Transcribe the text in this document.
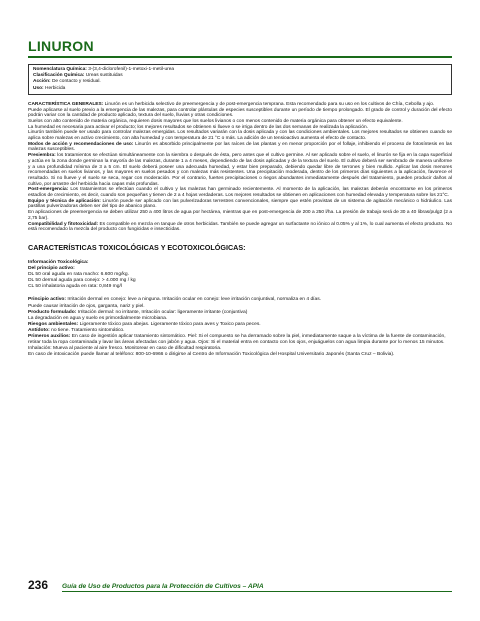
LINURON
Nomenclatura Química: 3-(3,4-diclorofenil)-1-metoxi-1-metil-urea
Clasificación Química: Ureas sustituidas
Acción: De contacto y residual.
Uso: Herbicida

CARACTERÍSTICA GENERALES: Linurón es un herbicida selectivo de preemergencia y de post-emergencia temprana. Esta recomendado para su uso en los cultivos de Chía, Cebolla y ajo.

Puede aplicarse al suelo previo a la emergencia de las malezas, para controlar plántulas de especies susceptibles durante un período de tiempo prolongado. El grado de control y duración del efecto podrán variar con la cantidad de producto aplicado, textura del suelo, lluvias y otras condiciones.

Suelos con alto contenido de materia orgánica, requieren dosis mayores que los suelos livianos o con menos contenido de materia orgánica para obtener un efecto equivalente.

La humedad es necesaria para activar el producto; los mejores resultados se obtienen si llueve o se irriga dentro de las dos semanas de realizada la aplicación.

Linurón también puede ser usado para controlar malezas emergidas. Los resultados variarán con la dosis aplicada y con las condiciones ambientales. Los mejores resultados se obtienen cuando se aplica sobre malezas en activo crecimiento, con alta humedad y con temperatura de 21 °C o más. La adición de un tensioactivo aumenta el efecto de contacto.

Modos de acción y recomendaciones de uso: Linurón es absorbido principalmente por las raíces de las plantas y en menor proporción por el follaje, inhibiendo el proceso de fotosíntesis en las malezas susceptibles.

Presiembra: los tratamientos se efectúan simultáneamente con la siembra o después de ésta, pero antes que el cultivo germine. Al ser aplicado sobre el suelo, el linurón se fija en la capa superficial y actúa en la zona donde germinan la mayoría de las malezas, durante 1 a 4 meses, dependiendo de las dosis aplicadas y de la textura del suelo. El cultivo deberá ser sembrado de manera uniforme y a una profundidad mínima de 3 a 5 cm. El suelo deberá poseer una adecuada humedad, y estar bien preparado, debiendo quedar libre de terrones y bien mullido. Aplicar las dosis menores recomendadas en suelos livianos, y las mayores en suelos pesados y con malezas más resistentes. Una precipitación moderada, dentro de los primeros días siguientes a la aplicación, favorece el resultado. Si no llueve y el suelo se seca, regar con moderación. Por el contrario, fuertes precipitaciones o riegos abundantes inmediatamente después del tratamiento, pueden producir daños al cultivo, por arrastre del herbicida hacia capas más profundas.

Post-emergencia: Los tratamientos se efectúan cuando el cultivo y las malezas han germinado recientemente. Al momento de la aplicación, las malezas deberán encontrarse en los primeros estadíos de crecimiento, es decir, cuando son pequeñas y tienen de 2 a 4 hojas verdaderas. Los mejores resultados se obtienen en aplicaciones con humedad elevada y temperatura sobre los 21°C.

Equipo y técnica de aplicación: Linurón puede ser aplicado con las pulverizadoras terrestres convencionales, siempre que estén provistas de un sistema de agitación mecánico o hidráulico. Las pastillas pulverizadoras deben ser del tipo de abanico plano.

En aplicaciones de preemergencia se deben utilizar 250 a 400 litros de agua por hectárea, mientras que en post-emergencia de 200 a 250 l/ha. La presión de trabajo será de 30 a 40 libras/pulg2 (2 a 2,75 bar).

Compatibilidad y fitotoxicidad: Es compatible en mezcla en tanque de otros herbicidas. También se puede agregar un surfactante no iónico al 0.05% y al 1%, lo cual aumenta el efecto producto. No está recomendado la mezcla del producto con fungicidas e insecticidas.

CARACTERÍSTICAS TOXICOLÓGICAS Y ECOTOXICOLÓGICAS:

Información Toxicológica:

Del principio activo:

DL 50 oral aguda en rata macho: 6.600 mg/kg.

DL 50 dermal aguda para conejo: > 4.000 mg / kg

CL 50 inhalatoria aguda en rata: 0,849 mg/l

Principio activo: Irritación dermal en conejo: leve a ninguna. Irritación ocular en conejo: leve irritación conjuntival, normaliza en 4 días.

Puede causar irritación de ojos, garganta, nariz y piel.

Producto formulado: Irritación dermal: no irritante, Irritación ocular: ligeramente irritante (conjuntiva)

La degradación en agua y suelo es primordialmente microbiana.

Riesgos ambientales: Ligeramente tóxico para abejas. Ligeramente tóxico para aves y Toxico para peces.

Antídoto: no tiene. Tratamiento sintomático.

Primeros auxilios: En caso de ingestión aplicar tratamiento sintomático. Piel: Si el compuesto se ha derramado sobre la piel, inmediatamente saque a la víctima de la fuente de contaminación, retirar toda la ropa contaminada y lavar las áreas afectadas con jabón y agua. Ojos: Si el material entra en contacto con los ojos, enjuáguelos con agua limpia durante por lo menos 15 minutos. Inhalación: Mueva al paciente al aire fresco. Monitorear en caso de dificultad respiratoria.

En caso de intoxicación puede llamar al teléfono: 800-10-6966 o dirigirse al Centro de Información Toxicológica del Hospital Universitario Japonés (Santa Cruz – Bolivia).

236	Guía de Uso de Productos para la Protección de Cultivos – APIA
